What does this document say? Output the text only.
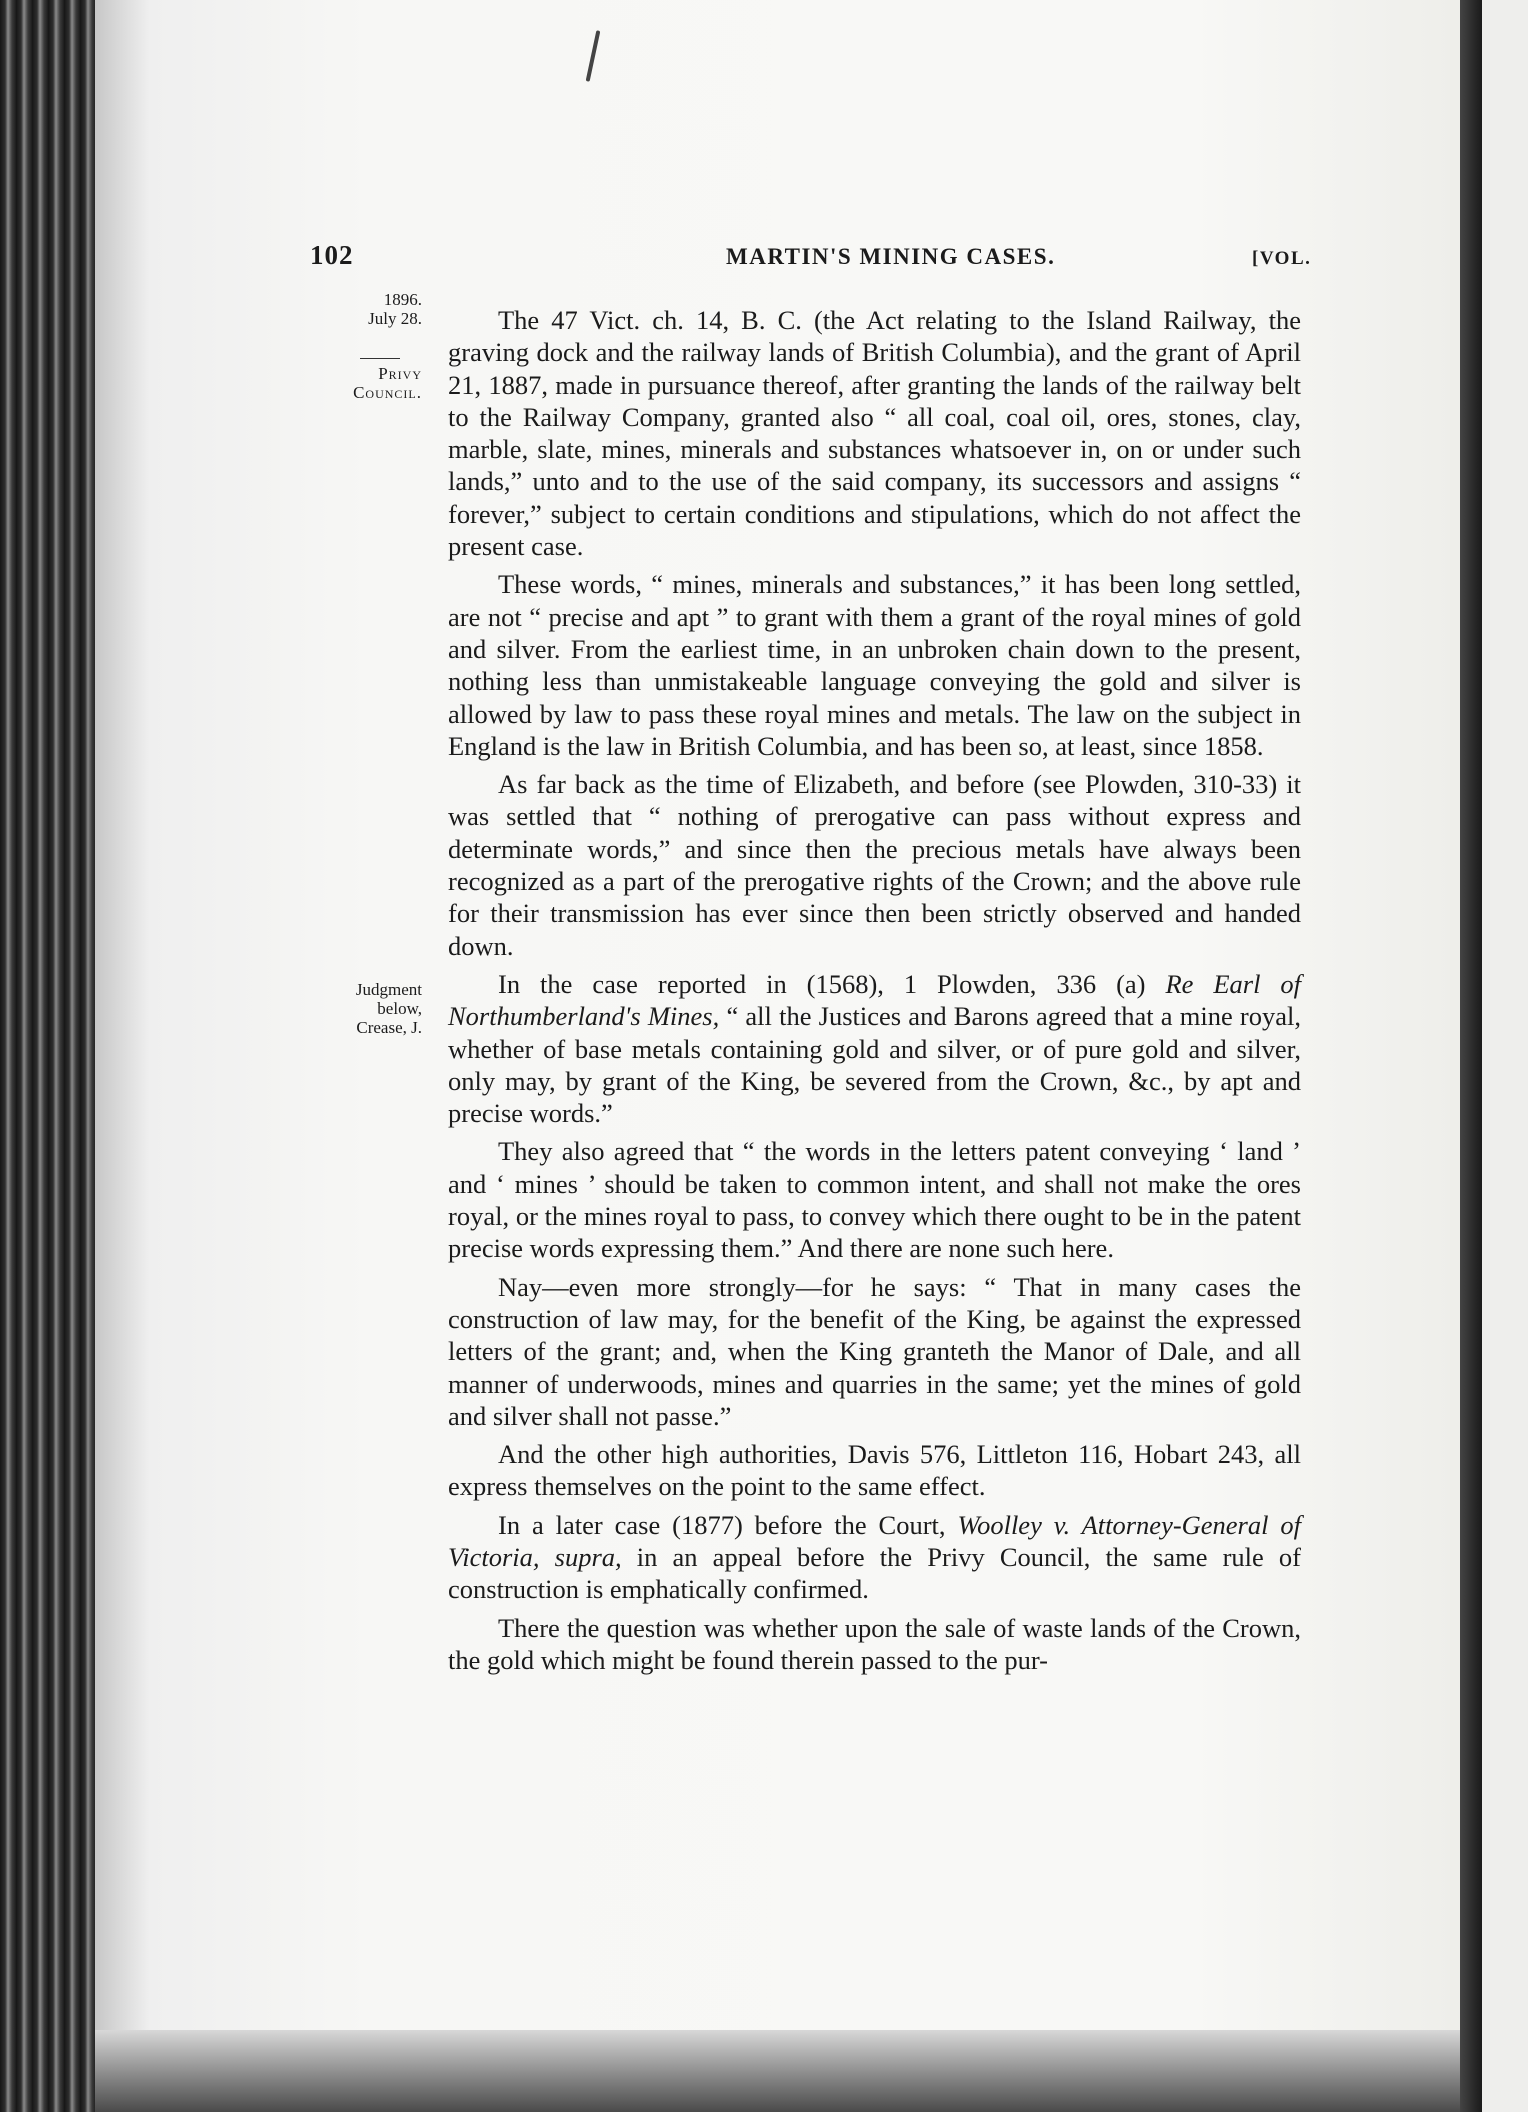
102	MARTIN'S MINING CASES.	[VOL.
1896.
July 28.
Privy
Council.
Judgment
below,
Crease, J.

The 47 Vict. ch. 14, B. C. (the Act relating to the Island Railway, the graving dock and the railway lands of British Columbia), and the grant of April 21, 1887, made in pursuance thereof, after granting the lands of the railway belt to the Railway Company, granted also “ all coal, coal oil, ores, stones, clay, marble, slate, mines, minerals and substances whatsoever in, on or under such lands,” unto and to the use of the said company, its successors and assigns “ forever,” subject to certain conditions and stipulations, which do not affect the present case.

These words, “ mines, minerals and substances,” it has been long settled, are not “ precise and apt ” to grant with them a grant of the royal mines of gold and silver. From the earliest time, in an unbroken chain down to the present, nothing less than unmistakeable language conveying the gold and silver is allowed by law to pass these royal mines and metals. The law on the subject in England is the law in British Columbia, and has been so, at least, since 1858.

As far back as the time of Elizabeth, and before (see Plowden, 310-33) it was settled that “ nothing of prerogative can pass without express and determinate words,” and since then the precious metals have always been recognized as a part of the prerogative rights of the Crown; and the above rule for their transmission has ever since then been strictly observed and handed down.

In the case reported in (1568), 1 Plowden, 336 (a) Re Earl of Northumberland's Mines, “ all the Justices and Barons agreed that a mine royal, whether of base metals containing gold and silver, or of pure gold and silver, only may, by grant of the King, be severed from the Crown, &c., by apt and precise words.”

They also agreed that “ the words in the letters patent conveying ‘ land ’ and ‘ mines ’ should be taken to common intent, and shall not make the ores royal, or the mines royal to pass, to convey which there ought to be in the patent precise words expressing them.” And there are none such here.

Nay—even more strongly—for he says: “ That in many cases the construction of law may, for the benefit of the King, be against the expressed letters of the grant; and, when the King granteth the Manor of Dale, and all manner of underwoods, mines and quarries in the same; yet the mines of gold and silver shall not passe.”

And the other high authorities, Davis 576, Littleton 116, Hobart 243, all express themselves on the point to the same effect.

In a later case (1877) before the Court, Woolley v. Attorney-General of Victoria, supra, in an appeal before the Privy Council, the same rule of construction is emphatically confirmed.

There the question was whether upon the sale of waste lands of the Crown, the gold which might be found therein passed to the pur-
